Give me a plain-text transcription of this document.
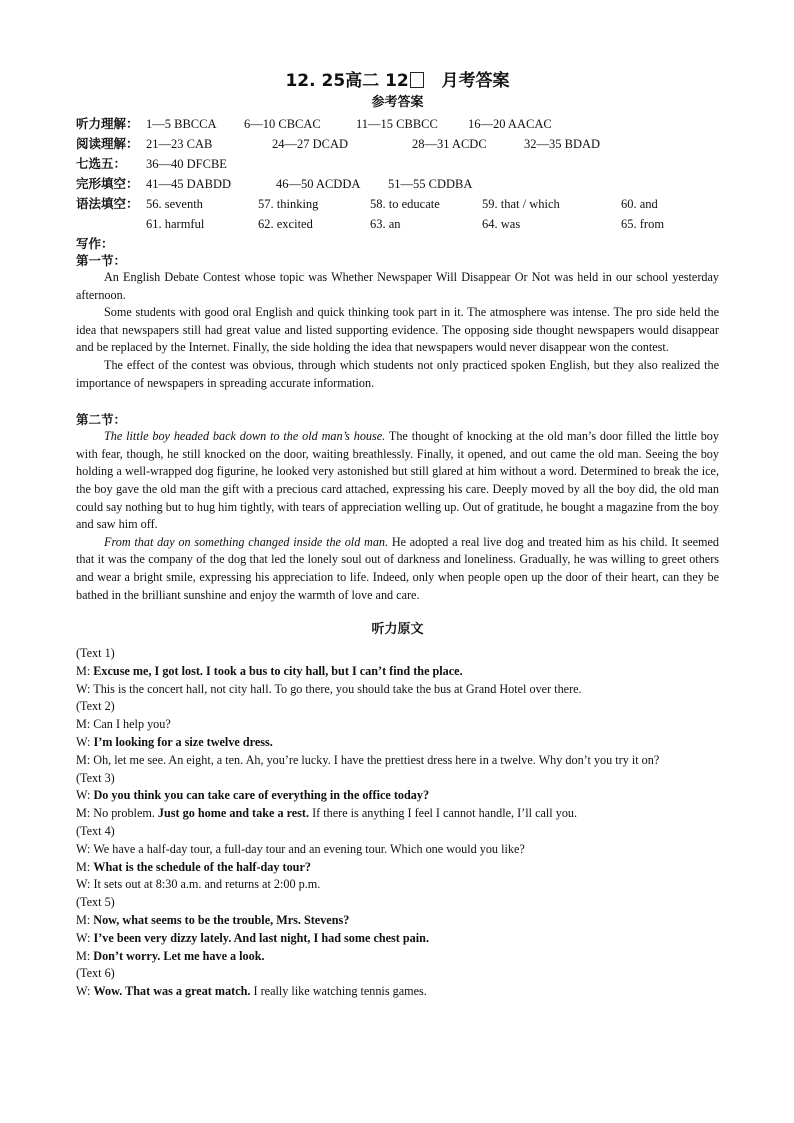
12. 25高二 12 月考答案
参考答案
听力理解： 1—5 BBCCA	6—10 CBCAC	11—15 CBBCC	16—20 AACAC
阅读理解： 21—23 CAB	24—27 DCAD	28—31 ACDC	32—35 BDAD
七选五：	36—40 DFCBE
完形填空： 41—45 DABDD	46—50 ACDDA	51—55 CDDBA
语法填空： 56. seventh	57. thinking	58. to educate	59. that / which	60. and
61. harmful	62. excited	63. an	64. was	65. from
写作：
第一节：

An English Debate Contest whose topic was Whether Newspaper Will Disappear Or Not was held in our school yesterday afternoon.

Some students with good oral English and quick thinking took part in it. The atmosphere was intense. The pro side held the idea that newspapers still had great value and listed supporting evidence. The opposing side thought newspapers would disappear and be replaced by the Internet. Finally, the side holding the idea that newspapers would never disappear won the contest.

The effect of the contest was obvious, through which students not only practiced spoken English, but they also realized the importance of newspapers in spreading accurate information.

第二节：

The little boy headed back down to the old man’s house. The thought of knocking at the old man’s door filled the little boy with fear, though, he still knocked on the door, waiting breathlessly. Finally, it opened, and out came the old man. Seeing the boy holding a well-wrapped dog figurine, he looked very astonished but still glared at him without a word. Determined to break the ice, the boy gave the old man the gift with a precious card attached, expressing his care. Deeply moved by all the boy did, the old man could say nothing but to hug him tightly, with tears of appreciation welling up. Out of gratitude, he bought a magazine from the boy and saw him off.

From that day on something changed inside the old man. He adopted a real live dog and treated him as his child. It seemed that it was the company of the dog that led the lonely soul out of darkness and loneliness. Gradually, he was willing to greet others and wear a bright smile, expressing his appreciation to life. Indeed, only when people open up the door of their heart, can they be bathed in the brilliant sunshine and enjoy the warmth of love and care.

听力原文
(Text 1)
M: Excuse me, I got lost. I took a bus to city hall, but I can’t find the place.
W: This is the concert hall, not city hall. To go there, you should take the bus at Grand Hotel over there.
(Text 2)
M: Can I help you?
W: I’m looking for a size twelve dress.
M: Oh, let me see. An eight, a ten. Ah, you’re lucky. I have the prettiest dress here in a twelve. Why don’t you try it on?
(Text 3)
W: Do you think you can take care of everything in the office today?
M: No problem. Just go home and take a rest. If there is anything I feel I cannot handle, I’ll call you.
(Text 4)
W: We have a half-day tour, a full-day tour and an evening tour. Which one would you like?
M: What is the schedule of the half-day tour?
W: It sets out at 8:30 a.m. and returns at 2:00 p.m.
(Text 5)
M: Now, what seems to be the trouble, Mrs. Stevens?
W: I’ve been very dizzy lately. And last night, I had some chest pain.
M: Don’t worry. Let me have a look.
(Text 6)
W: Wow. That was a great match. I really like watching tennis games.
